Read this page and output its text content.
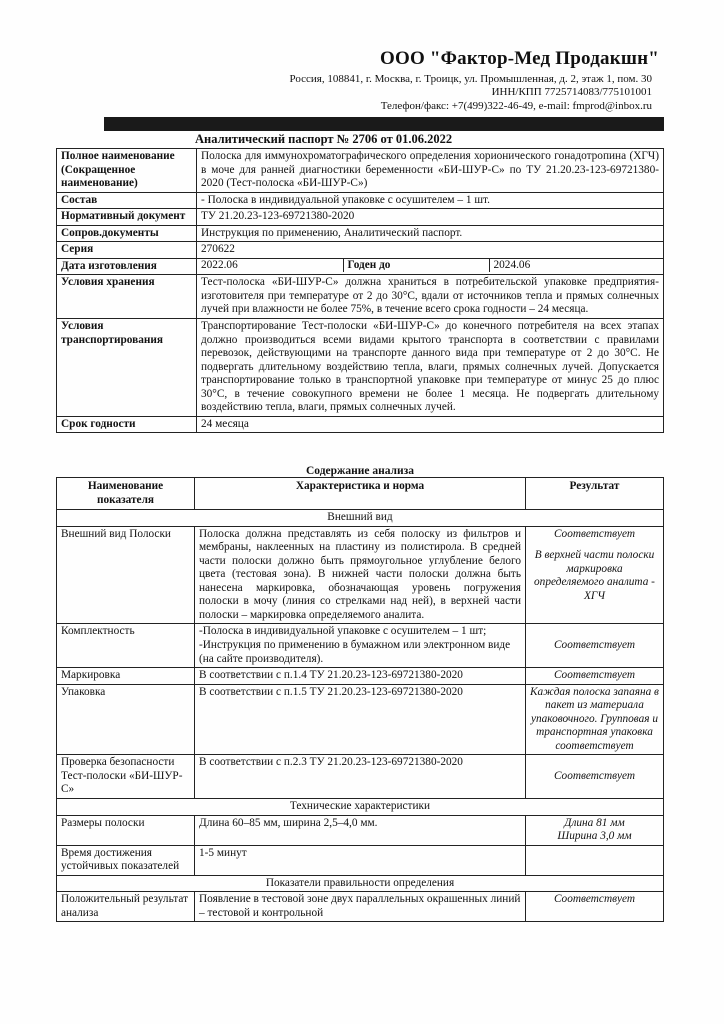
ООО "Фактор-Мед Продакшн"
Россия, 108841, г. Москва, г. Троицк, ул. Промышленная, д. 2, этаж 1, пом. 30
ИНН/КПП 7725714083/775101001
Телефон/факс: +7(499)322-46-49, e-mail: fmprod@inbox.ru
Аналитический паспорт № 2706 от 01.06.2022
Полное наименование (Сокращенное наименование)	Полоска для иммунохроматографического определения хорионического гонадотропина (ХГЧ) в моче для ранней диагностики беременности «БИ-ШУР-С» по ТУ 21.20.23-123-69721380-2020 (Тест-полоска «БИ-ШУР-С»)
Состав	- Полоска в индивидуальной упаковке с осушителем – 1 шт.
Нормативный документ	ТУ 21.20.23-123-69721380-2020
Сопров.документы	Инструкция по применению, Аналитический паспорт.
Серия	270622
Дата изготовления		2022.06	Годен до	2024.06

Условия хранения	Тест-полоска «БИ-ШУР-С» должна храниться в потребительской упаковке предприятия-изготовителя при температуре от 2 до 30°С, вдали от источников тепла и прямых солнечных лучей при влажности не более 75%, в течение всего срока годности – 24 месяца.
Условия транспортирования	Транспортирование Тест-полоски «БИ-ШУР-С» до конечного потребителя на всех этапах должно производиться всеми видами крытого транспорта в соответствии с правилами перевозок, действующими на транспорте данного вида при температуре от 2 до 30°С. Не подвергать длительному воздействию тепла, влаги, прямых солнечных лучей. Допускается транспортирование только в транспортной упаковке при температуре от минус 25 до плюс 30°С, в течение совокупного времени не более 1 месяца. Не подвергать длительному воздействию тепла, влаги, прямых солнечных лучей.
Срок годности	24 месяца
Содержание анализа
Наименование показателя	Характеристика и норма	Результат
Внешний вид		
Внешний вид Полоски	Полоска должна представлять из себя полоску из фильтров и мембраны, наклеенных на пластину из полистирола. В средней части полоски должно быть прямоугольное углубление белого цвета (тестовая зона). В нижней части полоски должна быть нанесена маркировка, обозначающая уровень погружения полоски в мочу (линия со стрелками над ней), в верхней части полоски – маркировка определяемого аналита.	Соответствует
В верхней части полоски маркировка определяемого аналита - ХГЧ

Комплектность	-Полоска в индивидуальной упаковке с осушителем – 1 шт;
-Инструкция по применению в бумажном или электронном виде (на сайте производителя).	Соответствует
Маркировка	В соответствии с п.1.4 ТУ 21.20.23-123-69721380-2020	Соответствует
Упаковка	В соответствии с п.1.5 ТУ 21.20.23-123-69721380-2020	Каждая полоска запаяна в пакет из материала упаковочного. Групповая и транспортная упаковка соответствует
Проверка безопасности Тест-полоски «БИ-ШУР-С»	В соответствии с п.2.3 ТУ 21.20.23-123-69721380-2020	Соответствует
Технические характеристики		
Размеры полоски	Длина 60–85 мм, ширина 2,5–4,0 мм.	Длина 81 мм
Ширина 3,0 мм

Время достижения устойчивых показателей	1-5 минут	
Показатели правильности определения		
Положительный результат анализа	Появление в тестовой зоне двух параллельных окрашенных линий – тестовой и контрольной	Соответствует
